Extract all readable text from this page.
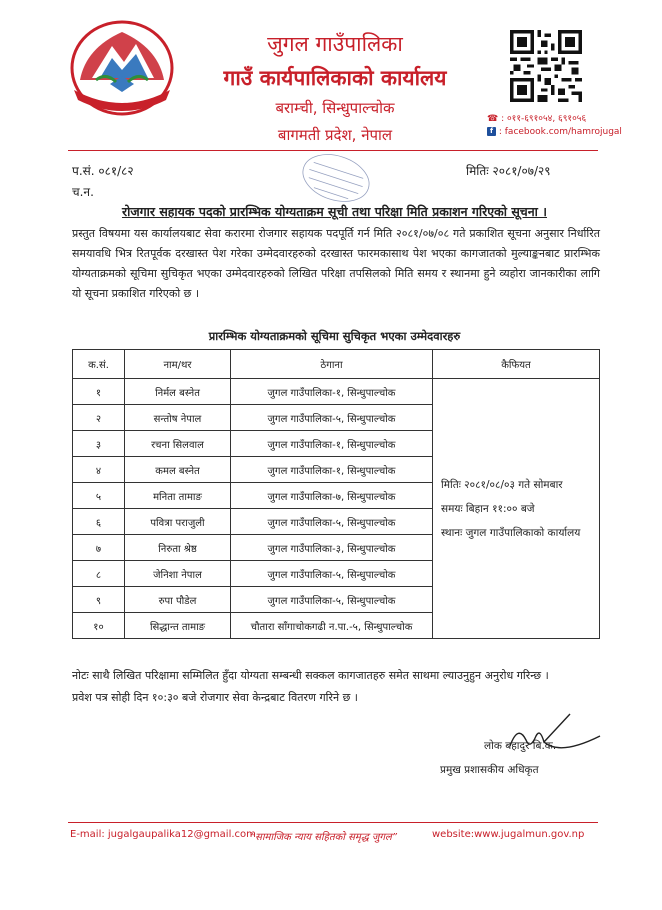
जुगल गाउँपालिका
गाउँ कार्यपालिकाको कार्यालय
बराम्ची, सिन्धुपाल्चोक
बागमती प्रदेश, नेपाल
☎ : ०११-६९१०५४, ६९१०५६
f : facebook.com/hamrojugal
प.सं. ०८१/८२
च.न.
मितिः २०८१/०७/२९
रोजगार सहायक पदको प्रारम्भिक योग्यताक्रम सूची तथा परिक्षा मिति प्रकाशन गरिएको सूचना ।
प्रस्तुत विषयमा यस कार्यालयबाट सेवा करारमा रोजगार सहायक पदपूर्ति गर्न मिति २०८१/०७/०८ गते प्रकाशित सूचना अनुसार निर्धारित समयावधि भित्र रितपूर्वक दरखास्त पेश गरेका उम्मेदवारहरुको दरखास्त फारमकासाथ पेश भएका कागजातको मुल्याङ्कनबाट प्रारम्भिक योग्यताक्रमको सूचिमा सुचिकृत भएका उम्मेदवारहरुको लिखित परिक्षा तपसिलको मिति समय र स्थानमा हुने व्यहोरा जानकारीका लागि यो सूचना प्रकाशित गरिएको छ ।
प्रारम्भिक योग्यताक्रमको सूचिमा सुचिकृत भएका उम्मेदवारहरु
क.सं.	नाम/थर	ठेगाना	कैफियत
१	निर्मल बस्नेत	जुगल गाउँपालिका-१, सिन्धुपाल्चोक	मितिः २०८१/०८/०३ गते सोमबार
समयः बिहान ११:०० बजे
स्थानः जुगल गाउँपालिकाको कार्यालय

२	सन्तोष नेपाल	जुगल गाउँपालिका-५, सिन्धुपाल्चोक	
३	रचना सिलवाल	जुगल गाउँपालिका-१, सिन्धुपाल्चोक	
४	कमल बस्नेत	जुगल गाउँपालिका-१, सिन्धुपाल्चोक	
५	मनिता तामाङ	जुगल गाउँपालिका-७, सिन्धुपाल्चोक	
६	पवित्रा पराजुली	जुगल गाउँपालिका-५, सिन्धुपाल्चोक	
७	निरुता श्रेष्ठ	जुगल गाउँपालिका-३, सिन्धुपाल्चोक	
८	जेनिशा नेपाल	जुगल गाउँपालिका-५, सिन्धुपाल्चोक	
९	रुपा पौडेल	जुगल गाउँपालिका-५, सिन्धुपाल्चोक	
१०	सिद्धान्त तामाङ	चौतारा साँगाचोकगढी न.पा.-५, सिन्धुपाल्चोक	
नोटः साथै लिखित परिक्षामा सम्मिलित हुँदा योग्यता सम्बन्धी सक्कल कागजातहरु समेत साथमा ल्याउनुहुन अनुरोध गरिन्छ ।
प्रवेश पत्र सोही दिन १०:३० बजे रोजगार सेवा केन्द्रबाट वितरण गरिने छ ।
लोक बहादुर बि.क.
प्रमुख प्रशासकीय अधिकृत
E-mail: jugalgaupalika12@gmail.com
“सामाजिक न्याय सहितको समृद्ध जुगल”	website:www.jugalmun.gov.np
